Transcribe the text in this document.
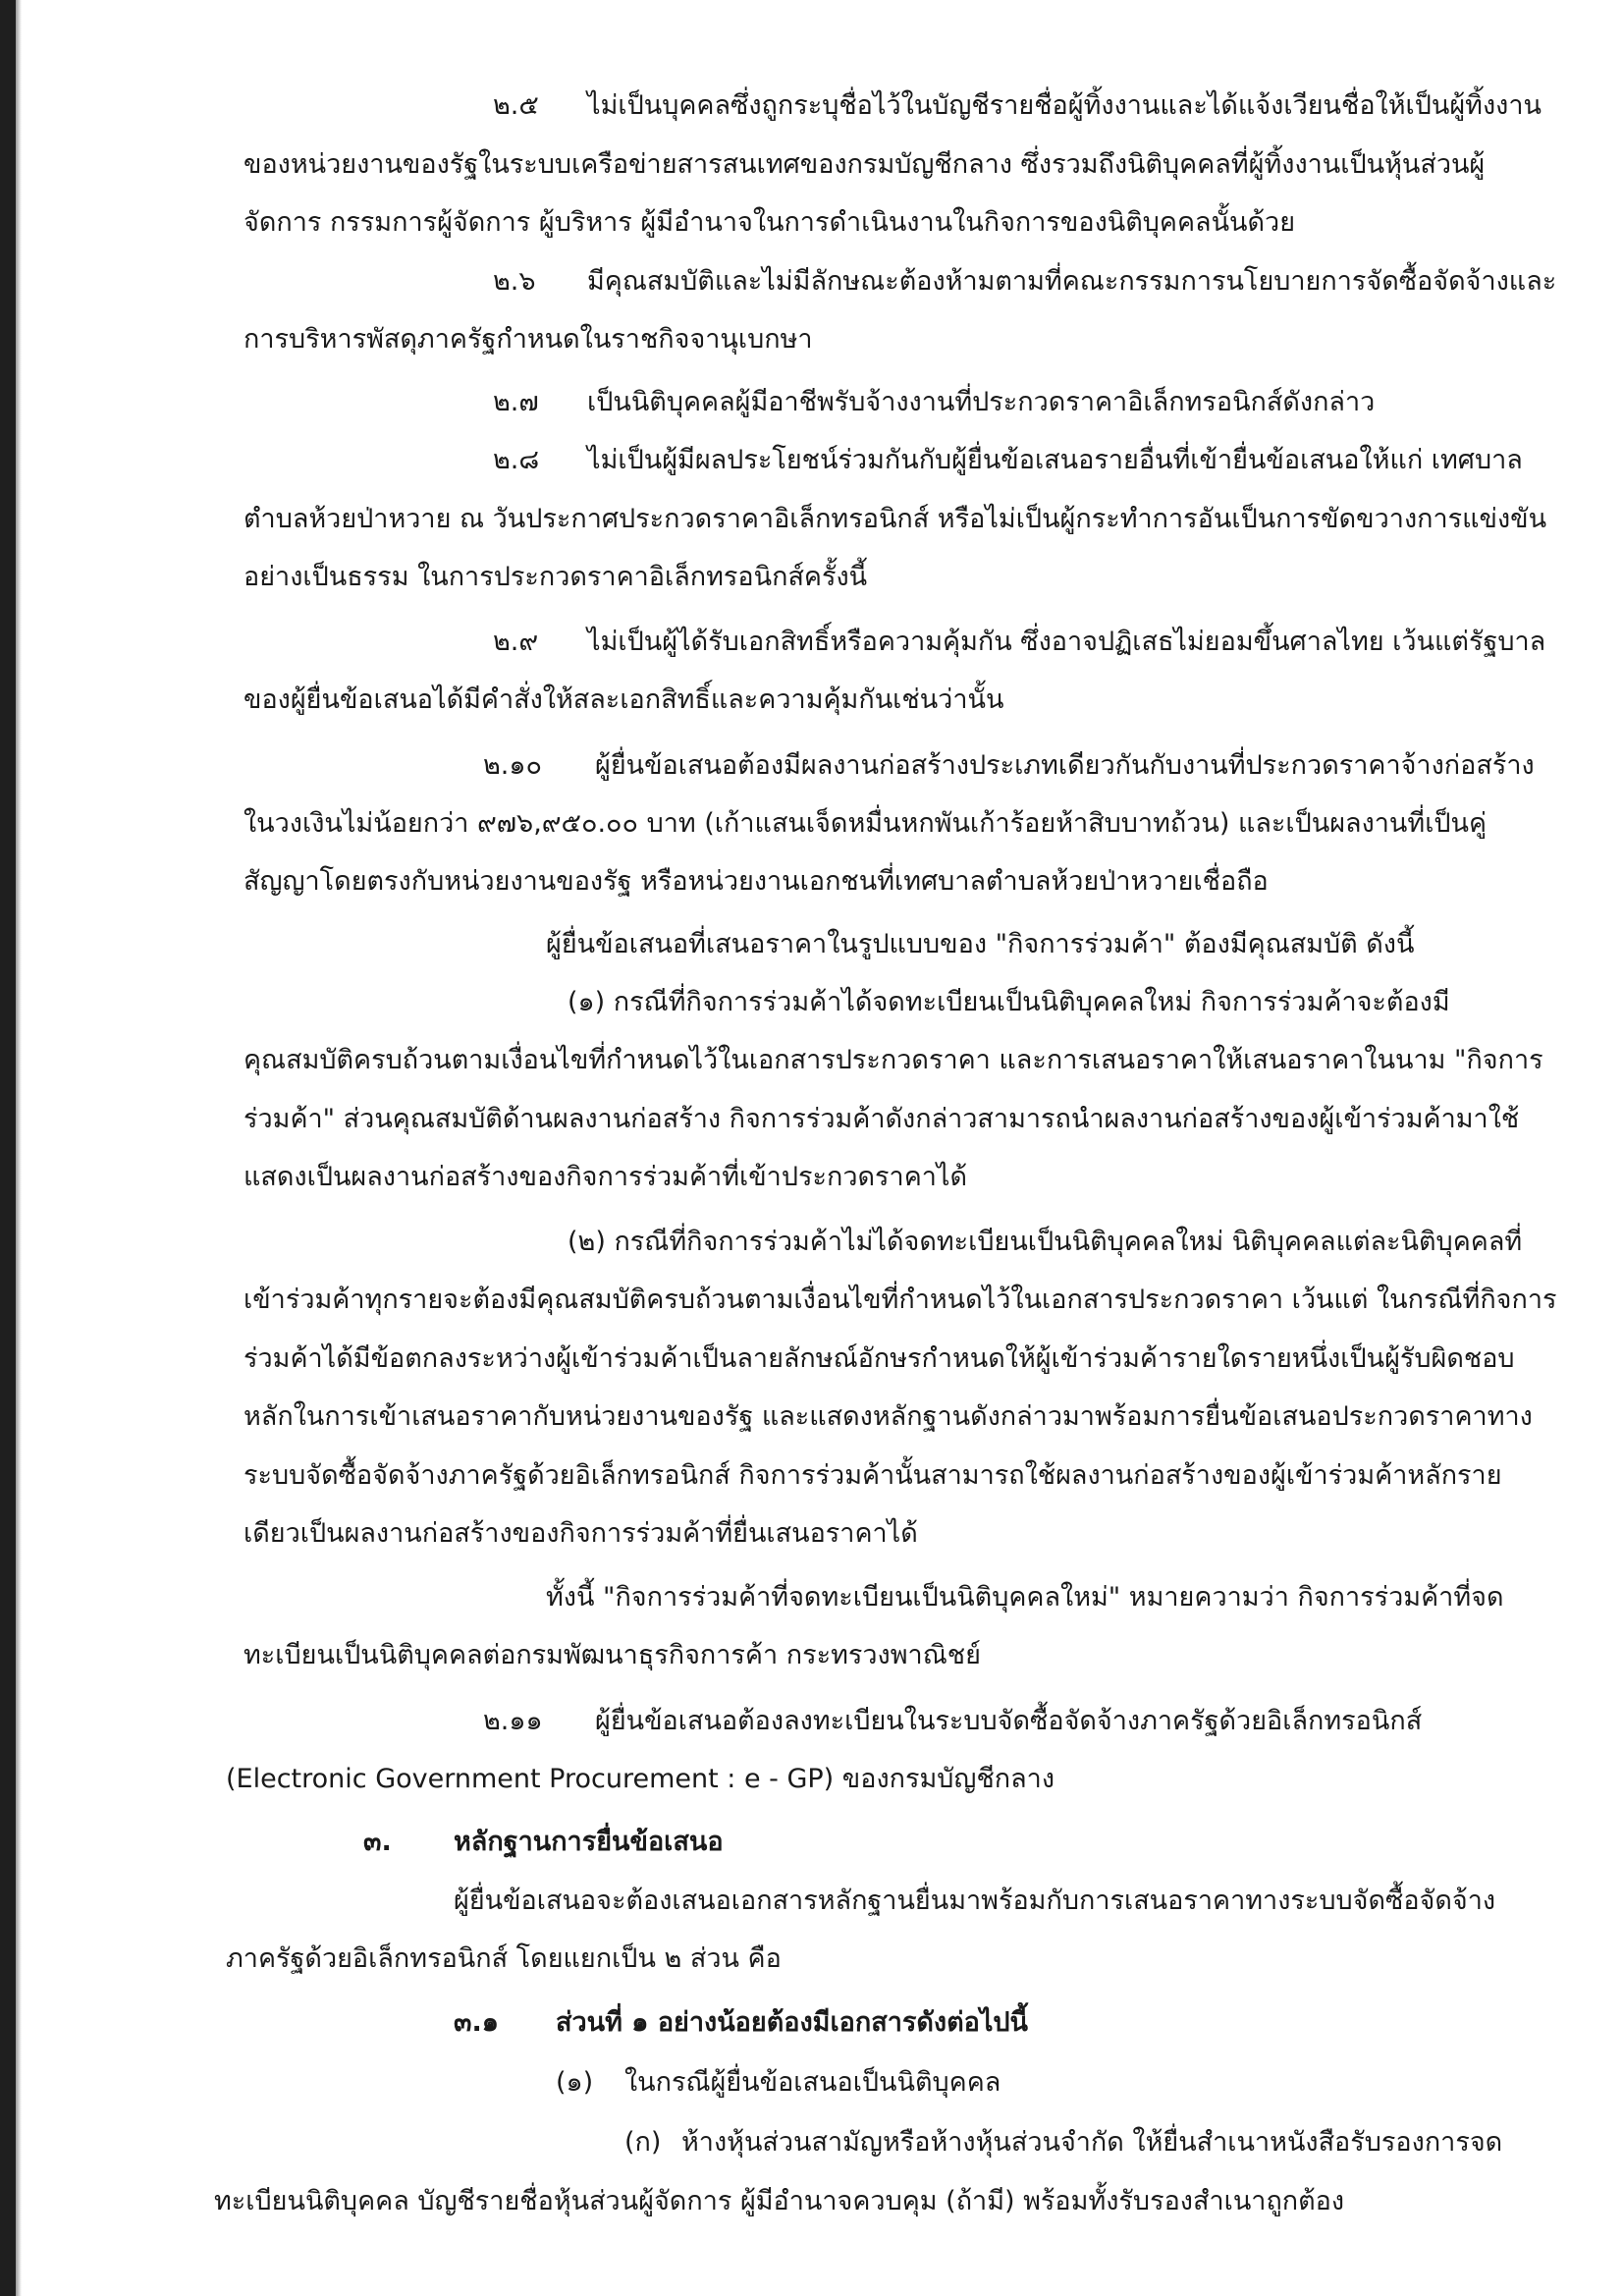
๒.๕ ไม่เป็นบุคคลซึ่งถูกระบุชื่อไว้ในบัญชีรายชื่อผู้ทิ้งงานและได้แจ้งเวียนชื่อให้เป็นผู้ทิ้งงาน

ของหน่วยงานของรัฐในระบบเครือข่ายสารสนเทศของกรมบัญชีกลาง ซึ่งรวมถึงนิติบุคคลที่ผู้ทิ้งงานเป็นหุ้นส่วนผู้

จัดการ กรรมการผู้จัดการ ผู้บริหาร ผู้มีอำนาจในการดำเนินงานในกิจการของนิติบุคคลนั้นด้วย

๒.๖ มีคุณสมบัติและไม่มีลักษณะต้องห้ามตามที่คณะกรรมการนโยบายการจัดซื้อจัดจ้างและ

การบริหารพัสดุภาครัฐกำหนดในราชกิจจานุเบกษา

๒.๗ เป็นนิติบุคคลผู้มีอาชีพรับจ้างงานที่ประกวดราคาอิเล็กทรอนิกส์ดังกล่าว

๒.๘ ไม่เป็นผู้มีผลประโยชน์ร่วมกันกับผู้ยื่นข้อเสนอรายอื่นที่เข้ายื่นข้อเสนอให้แก่ เทศบาล

ตำบลห้วยป่าหวาย ณ วันประกาศประกวดราคาอิเล็กทรอนิกส์ หรือไม่เป็นผู้กระทำการอันเป็นการขัดขวางการแข่งขัน

อย่างเป็นธรรม ในการประกวดราคาอิเล็กทรอนิกส์ครั้งนี้

๒.๙ ไม่เป็นผู้ได้รับเอกสิทธิ์หรือความคุ้มกัน ซึ่งอาจปฏิเสธไม่ยอมขึ้นศาลไทย เว้นแต่รัฐบาล

ของผู้ยื่นข้อเสนอได้มีคำสั่งให้สละเอกสิทธิ์และความคุ้มกันเช่นว่านั้น

๒.๑๐ ผู้ยื่นข้อเสนอต้องมีผลงานก่อสร้างประเภทเดียวกันกับงานที่ประกวดราคาจ้างก่อสร้าง

ในวงเงินไม่น้อยกว่า ๙๗๖,๙๕๐.๐๐ บาท (เก้าแสนเจ็ดหมื่นหกพันเก้าร้อยห้าสิบบาทถ้วน) และเป็นผลงานที่เป็นคู่

สัญญาโดยตรงกับหน่วยงานของรัฐ หรือหน่วยงานเอกชนที่เทศบาลตำบลห้วยป่าหวายเชื่อถือ

ผู้ยื่นข้อเสนอที่เสนอราคาในรูปแบบของ "กิจการร่วมค้า" ต้องมีคุณสมบัติ ดังนี้

(๑) กรณีที่กิจการร่วมค้าได้จดทะเบียนเป็นนิติบุคคลใหม่ กิจการร่วมค้าจะต้องมี

คุณสมบัติครบถ้วนตามเงื่อนไขที่กำหนดไว้ในเอกสารประกวดราคา และการเสนอราคาให้เสนอราคาในนาม "กิจการ

ร่วมค้า" ส่วนคุณสมบัติด้านผลงานก่อสร้าง กิจการร่วมค้าดังกล่าวสามารถนำผลงานก่อสร้างของผู้เข้าร่วมค้ามาใช้

แสดงเป็นผลงานก่อสร้างของกิจการร่วมค้าที่เข้าประกวดราคาได้

(๒) กรณีที่กิจการร่วมค้าไม่ได้จดทะเบียนเป็นนิติบุคคลใหม่ นิติบุคคลแต่ละนิติบุคคลที่

เข้าร่วมค้าทุกรายจะต้องมีคุณสมบัติครบถ้วนตามเงื่อนไขที่กำหนดไว้ในเอกสารประกวดราคา เว้นแต่ ในกรณีที่กิจการ

ร่วมค้าได้มีข้อตกลงระหว่างผู้เข้าร่วมค้าเป็นลายลักษณ์อักษรกำหนดให้ผู้เข้าร่วมค้ารายใดรายหนึ่งเป็นผู้รับผิดชอบ

หลักในการเข้าเสนอราคากับหน่วยงานของรัฐ และแสดงหลักฐานดังกล่าวมาพร้อมการยื่นข้อเสนอประกวดราคาทาง

ระบบจัดซื้อจัดจ้างภาครัฐด้วยอิเล็กทรอนิกส์ กิจการร่วมค้านั้นสามารถใช้ผลงานก่อสร้างของผู้เข้าร่วมค้าหลักราย

เดียวเป็นผลงานก่อสร้างของกิจการร่วมค้าที่ยื่นเสนอราคาได้

ทั้งนี้ "กิจการร่วมค้าที่จดทะเบียนเป็นนิติบุคคลใหม่" หมายความว่า กิจการร่วมค้าที่จด

ทะเบียนเป็นนิติบุคคลต่อกรมพัฒนาธุรกิจการค้า กระทรวงพาณิชย์

๒.๑๑ ผู้ยื่นข้อเสนอต้องลงทะเบียนในระบบจัดซื้อจัดจ้างภาครัฐด้วยอิเล็กทรอนิกส์

(Electronic Government Procurement : e - GP) ของกรมบัญชีกลาง

๓. หลักฐานการยื่นข้อเสนอ

ผู้ยื่นข้อเสนอจะต้องเสนอเอกสารหลักฐานยื่นมาพร้อมกับการเสนอราคาทางระบบจัดซื้อจัดจ้าง

ภาครัฐด้วยอิเล็กทรอนิกส์ โดยแยกเป็น ๒ ส่วน คือ

๓.๑ ส่วนที่ ๑ อย่างน้อยต้องมีเอกสารดังต่อไปนี้

(๑) ในกรณีผู้ยื่นข้อเสนอเป็นนิติบุคคล

(ก) ห้างหุ้นส่วนสามัญหรือห้างหุ้นส่วนจำกัด ให้ยื่นสำเนาหนังสือรับรองการจด

ทะเบียนนิติบุคคล บัญชีรายชื่อหุ้นส่วนผู้จัดการ ผู้มีอำนาจควบคุม (ถ้ามี) พร้อมทั้งรับรองสำเนาถูกต้อง
